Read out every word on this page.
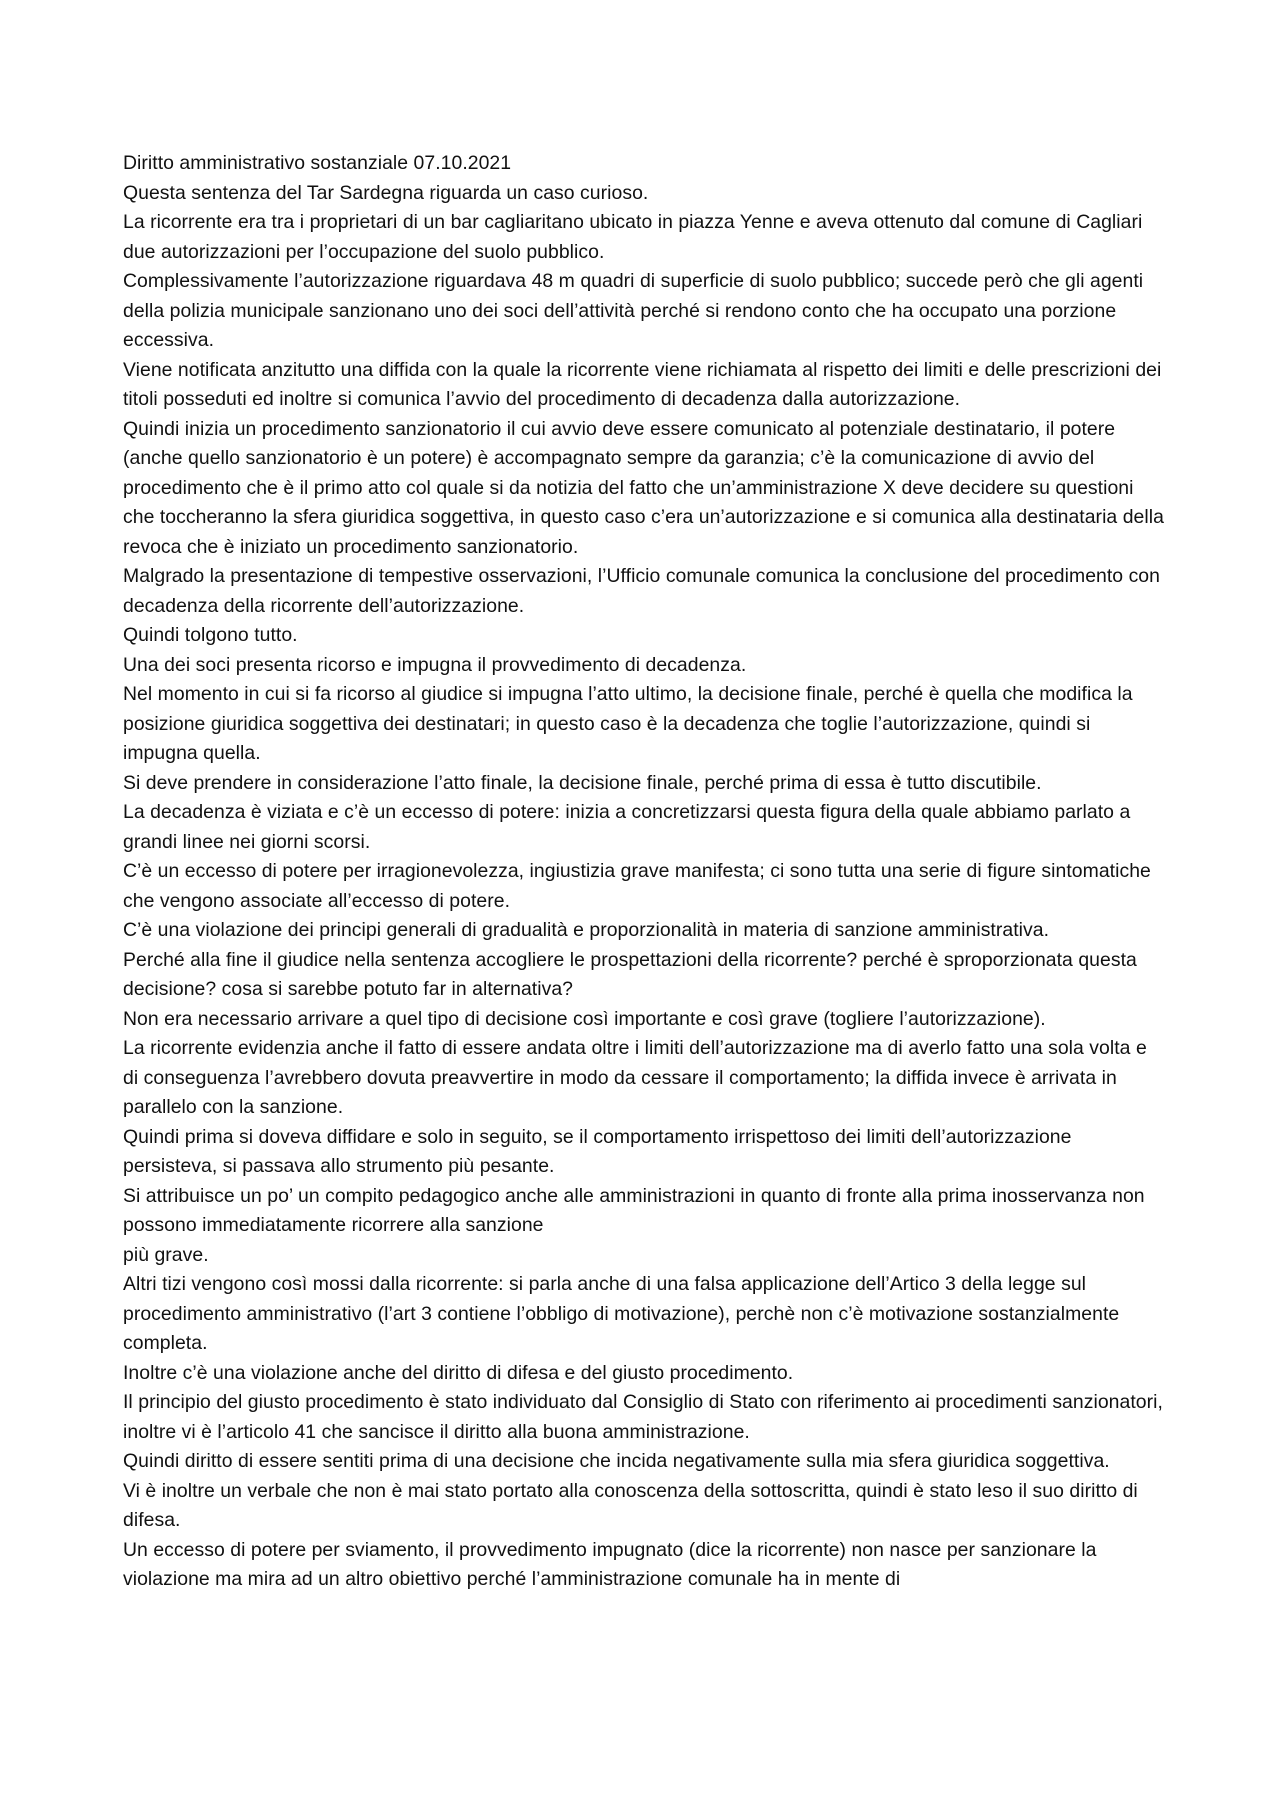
Diritto amministrativo sostanziale 07.10.2021

Questa sentenza del Tar Sardegna riguarda un caso curioso.

La ricorrente era tra i proprietari di un bar cagliaritano ubicato in piazza Yenne e aveva ottenuto dal comune di Cagliari due autorizzazioni per l’occupazione del suolo pubblico.

Complessivamente l’autorizzazione riguardava 48 m quadri di superficie di suolo pubblico; succede però che gli agenti della polizia municipale sanzionano uno dei soci dell’attività perché si rendono conto che ha occupato una porzione eccessiva.

Viene notificata anzitutto una diffida con la quale la ricorrente viene richiamata al rispetto dei limiti e delle prescrizioni dei titoli posseduti ed inoltre si comunica l’avvio del procedimento di decadenza dalla autorizzazione.

Quindi inizia un procedimento sanzionatorio il cui avvio deve essere comunicato al potenziale destinatario, il potere (anche quello sanzionatorio è un potere) è accompagnato sempre da garanzia; c’è la comunicazione di avvio del procedimento che è il primo atto col quale si da notizia del fatto che un’amministrazione X deve decidere su questioni che toccheranno la sfera giuridica soggettiva, in questo caso c’era un’autorizzazione e si comunica alla destinataria della revoca che è iniziato un procedimento sanzionatorio.

Malgrado la presentazione di tempestive osservazioni, l’Ufficio comunale comunica la conclusione del procedimento con decadenza della ricorrente dell’autorizzazione.

Quindi tolgono tutto.

Una dei soci presenta ricorso e impugna il provvedimento di decadenza.

Nel momento in cui si fa ricorso al giudice si impugna l’atto ultimo, la decisione finale, perché è quella che modifica la posizione giuridica soggettiva dei destinatari; in questo caso è la decadenza che toglie l’autorizzazione, quindi si impugna quella.

Si deve prendere in considerazione l’atto finale, la decisione finale, perché prima di essa è tutto discutibile.

La decadenza è viziata e c’è un eccesso di potere: inizia a concretizzarsi questa figura della quale abbiamo parlato a grandi linee nei giorni scorsi.

C’è un eccesso di potere per irragionevolezza, ingiustizia grave manifesta; ci sono tutta una serie di figure sintomatiche che vengono associate all’eccesso di potere.

C’è una violazione dei principi generali di gradualità e proporzionalità in materia di sanzione amministrativa.

Perché alla fine il giudice nella sentenza accogliere le prospettazioni della ricorrente? perché è sproporzionata questa decisione? cosa si sarebbe potuto far in alternativa?

Non era necessario arrivare a quel tipo di decisione così importante e così grave (togliere l’autorizzazione).

La ricorrente evidenzia anche il fatto di essere andata oltre i limiti dell’autorizzazione ma di averlo fatto una sola volta e di conseguenza l’avrebbero dovuta preavvertire in modo da cessare il comportamento; la diffida invece è arrivata in parallelo con la sanzione.

Quindi prima si doveva diffidare e solo in seguito, se il comportamento irrispettoso dei limiti dell’autorizzazione persisteva, si passava allo strumento più pesante.

Si attribuisce un po’ un compito pedagogico anche alle amministrazioni in quanto di fronte alla prima inosservanza non possono immediatamente ricorrere alla sanzione

più grave.

Altri tizi vengono così mossi dalla ricorrente: si parla anche di una falsa applicazione dell’Artico 3 della legge sul procedimento amministrativo (l’art 3 contiene l’obbligo di motivazione), perchè non c’è motivazione sostanzialmente completa.

Inoltre c’è una violazione anche del diritto di difesa e del giusto procedimento.

Il principio del giusto procedimento è stato individuato dal Consiglio di Stato con riferimento ai procedimenti sanzionatori, inoltre vi è l’articolo 41 che sancisce il diritto alla buona amministrazione.

Quindi diritto di essere sentiti prima di una decisione che incida negativamente sulla mia sfera giuridica soggettiva.

Vi è inoltre un verbale che non è mai stato portato alla conoscenza della sottoscritta, quindi è stato leso il suo diritto di difesa.

Un eccesso di potere per sviamento, il provvedimento impugnato (dice la ricorrente) non nasce per sanzionare la violazione ma mira ad un altro obiettivo perché l’amministrazione comunale ha in mente di
